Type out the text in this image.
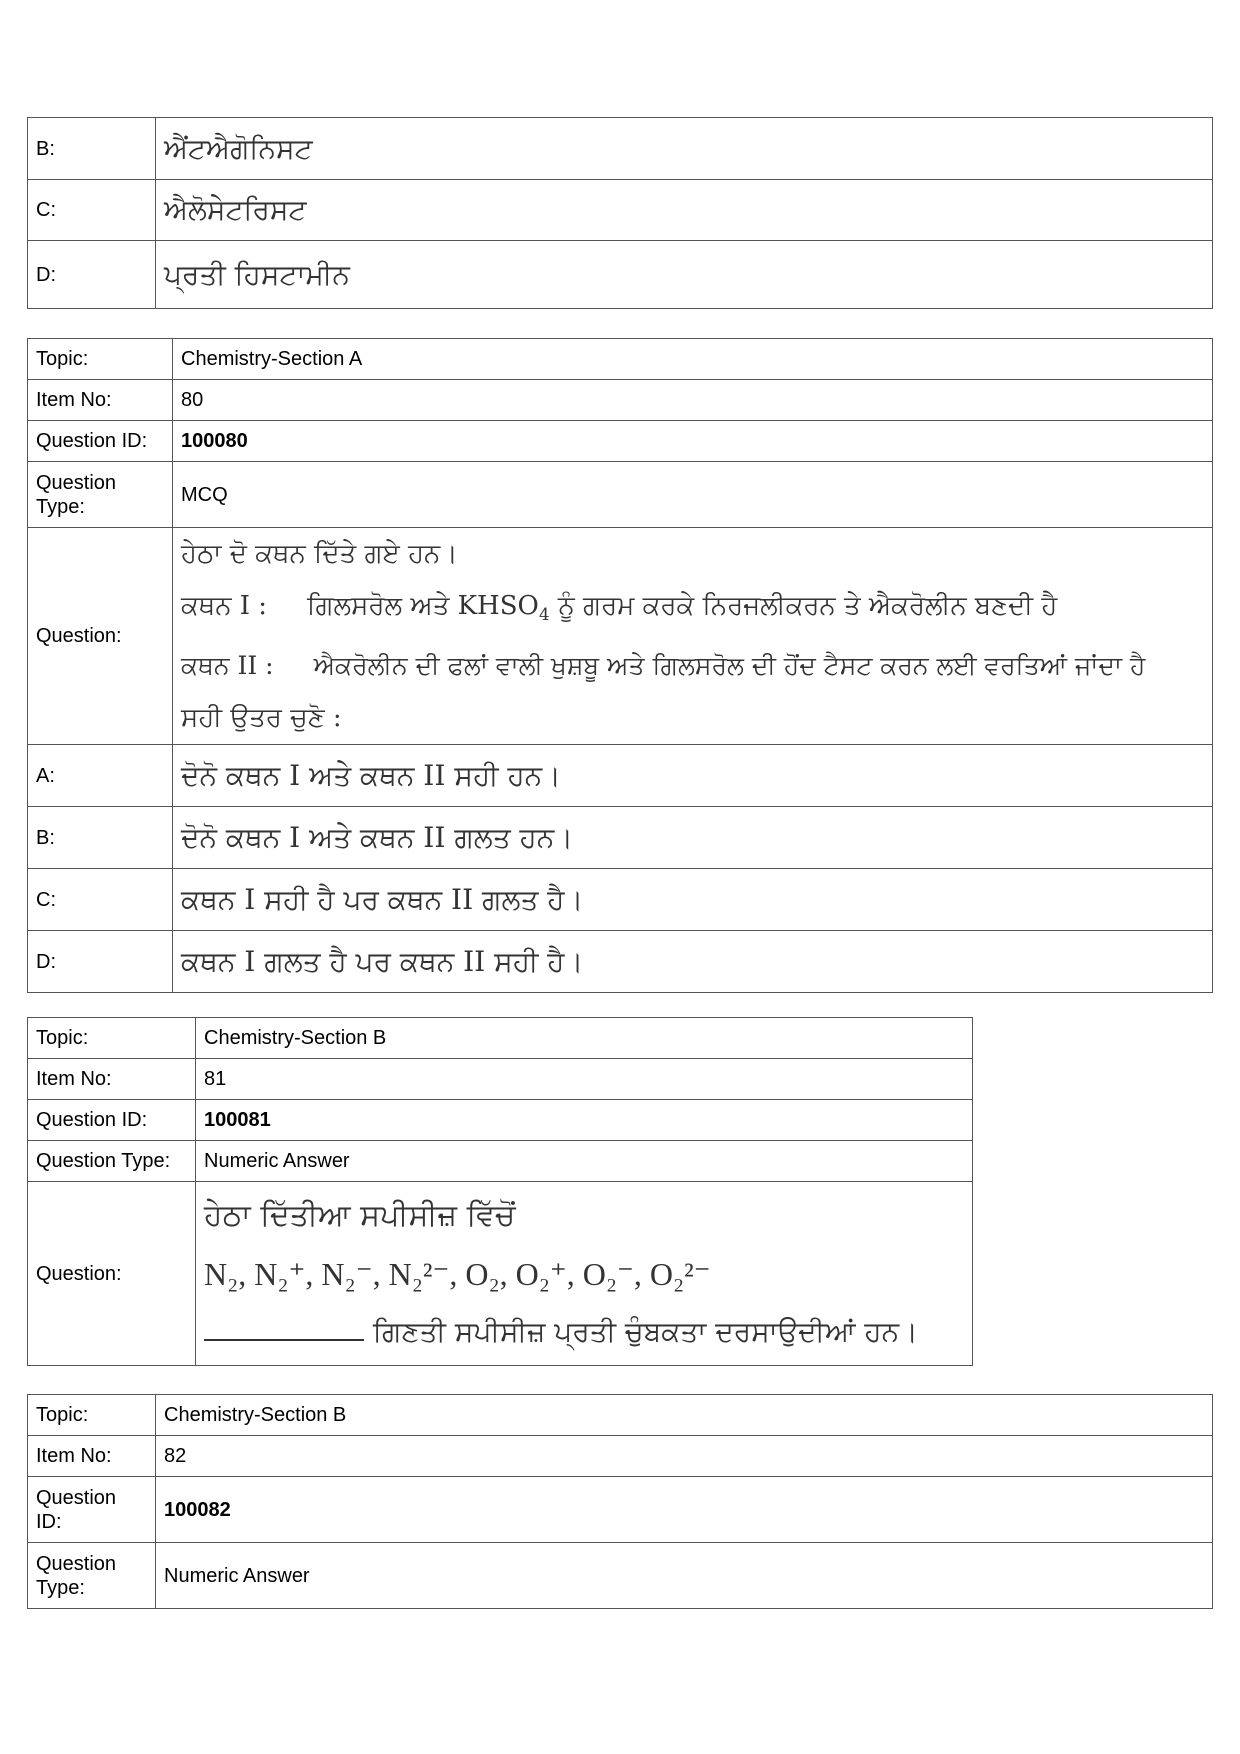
B:	ਐਂਟਐਗੋਨਿਸਟ
C:	ਐਲੋਸੇਟਰਿਸਟ
D:	ਪ੍ਰਤੀ ਹਿਸਟਾਮੀਨ
Topic:	Chemistry-Section A
Item No:	80
Question ID:	100080
Question Type:	MCQ
Question:	ਹੇਠਾ ਦੋ ਕਥਨ ਦਿੱਤੇ ਗਏ ਹਨ।
ਕਥਨ I : ਗਿਲਸਰੋਲ ਅਤੇ $KHSO_4$ ਨੂੰ ਗਰਮ ਕਰਕੇ ਨਿਰਜਲੀਕਰਨ ਤੇ ਐਕਰੋਲੀਨ ਬਣਦੀ ਹੈ
ਕਥਨ II : ਐਕਰੋਲੀਨ ਦੀ ਫਲਾਂ ਵਾਲੀ ਖੁਸ਼ਬੂ ਅਤੇ ਗਿਲਸਰੋਲ ਦੀ ਹੋਂਦ ਟੈਸਟ ਕਰਨ ਲਈ ਵਰਤਿਆਂ ਜਾਂਦਾ ਹੈ
ਸਹੀ ਉਤਰ ਚੁਣੋ :

A:	ਦੋਨੋ ਕਥਨ I ਅਤੇ ਕਥਨ II ਸਹੀ ਹਨ।
B:	ਦੋਨੋ ਕਥਨ I ਅਤੇ ਕਥਨ II ਗਲਤ ਹਨ।
C:	ਕਥਨ I ਸਹੀ ਹੈ ਪਰ ਕਥਨ II ਗਲਤ ਹੈ।
D:	ਕਥਨ I ਗਲਤ ਹੈ ਪਰ ਕਥਨ II ਸਹੀ ਹੈ।
Topic:	Chemistry-Section B
Item No:	81
Question ID:	100081
Question Type:	Numeric Answer
Question:	ਹੇਠਾ ਦਿੱਤੀਆ ਸਪੀਸੀਜ਼ ਵਿੱਚੋਂ
N₂, N₂⁺, N₂⁻, N₂²⁻, O₂, O₂⁺, O₂⁻, O₂²⁻
ਗਿਣਤੀ ਸਪੀਸੀਜ਼ ਪ੍ਰਤੀ ਚੁੰਬਕਤਾ ਦਰਸਾਉਦੀਆਂ ਹਨ।
Topic:	Chemistry-Section B
Item No:	82
Question ID:	100082
Question Type:	Numeric Answer
